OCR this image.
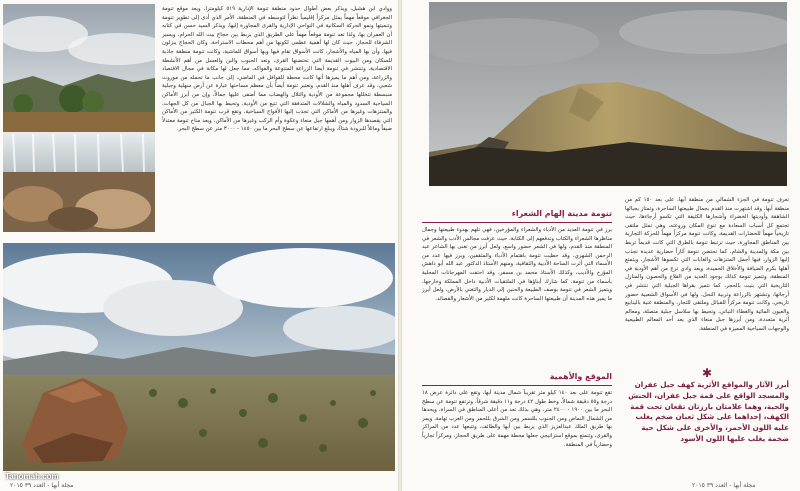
ووادي ابن هشبل، ويذكر بعض أطوال حدود منطقة تنومة الإدارية ٥١٩ كيلومترا، ويعد موقع تنومة الجغرافي موقعاً مهماً يمثل مركزاً إقليمياً نظراً لتوسطه في المنطقة، الأمر الذي أدى إلى تطوير تنومة وتنميتها ونمو الحركة السكانية في النواحي الإدارية والقرى المجاورة إليها، ويذكر السيد حسن في كتابه أن العمران بها، ولذا تعد تنومة موقعاً مهماً على الطريق الذي يربط بين حجاج بيت الله الحرام، ويسير الشرفاء للحجاز، حيث كان لها أهمية عظمى لكونها من أهم محطات الاستراحة، وكان الحجاج ينزلون فيها، وأن بها المياه والأشجار، كانت الأسواق تقام فيها وبها أسواق للماشية، وكانت تنومة منطقة جاذبة للسكان ومن البيوت القديمة التي تحتضنها القرى، وتعد الحبوب والبن والعسل من أهم الأنشطة الاقتصادية، وتنتشر في تنومة أيضا الزراعة المتنوعة والفواكه، مما جعل لها مكانة في مجال الاقتصاد والزراعة، ومن أهم ما يميزها أنها كانت محطة للقوافل في الماضي، إلى جانب ما تحمله من موروث شعبي، وقد عرف أهلها منذ القدم، وتعتبر تنومة أيضاً بأن معظم مساحتها عبارة عن أرض سهلية وجبلية منبسطة تتخللها مجموعة من الأودية والتلال والهضاب مما أضفى عليها جمالاً، وإن من أبرز الأماكن السياحية السدود والمياه والشلالات المتدفقة التي تنبع من الأودية، وتحيط بها الجبال من كل الجهات، والمنتزهات وغيرها من الأماكن التي تجذب إليها الأفواج السياحية، وتقع قرب تنومة الكثير من الأماكن التي يقصدها الزوار ومن أهمها جبل منعاء وعكوة وأم الركب وغيرها من الأماكن، ويعد مناخ تنومة معتدلاً صيفاً ومائلاً للبرودة شتاءً، ويبلغ ارتفاعها عن سطح البحر ما بين ١٤٥٠ - ٣٠٠٠ متر عن سطح البحر.
Tanomah.com
مجلة أبها - العدد ٣٩ ٢٠١٥
تعرف تنومة في الجزء الشمالي من منطقة أبها، على بعد ١٥٠ كم من منطقة أبها، وقد اشتهرت منذ القدم بجمال طبيعتها الساحرة، وتمتاز بجبالها الشاهقة وأوديتها الخضراء وأشجارها الكثيفة التي تكسو أرجاءها، حيث تجتمع كل أسباب السعادة مع تنوع المكان وروعته، وهي تمثل ملتقى تاريخياً مهماً للحضارات القديمة، وكانت تنومة مركزاً مهماً للحركة التجارية بين المناطق المجاورة، حيث ترتبط تنومة بالطرق التي كانت قديماً تربط بين مكة والمدينة والشام، كما تحتضن تنومة آثاراً حضارية عديدة تجذب إليها الزوار، فيها أجمل المتنزهات والغابات التي تكسوها الأشجار، ويتمتع أهلها بكرم الضيافة والأخلاق الحميدة، ويعد وادي ترج من أهم الأودية في المنطقة، وتتميز تنومة كذلك بوجود العديد من القلاع والحصون والمنازل التاريخية التي بنيت بالحجر، كما تتميز بقراها الجبلية التي تنتشر في أرجائها، وتشتهر بالزراعة وتربية النحل، ولها في الأسواق الشعبية حضور تاريخي، وكانت تنومة مركزاً للقبائل وملتقى للتجار، والمنطقة غنية بالينابيع والعيون المائية والغطاء النباتي، وتحيط بها سلاسل جبلية متصلة، ومعالم أثرية متعددة، ومن أبرزها جبل منعاء الذي يعد أحد المعالم الطبيعية والوجهات السياحية المميزة في المنطقة.
تنومة مدينة إلهام الشعراء
برز في تنومة العديد من الأدباء والشعراء والمؤرخين، فهي تلهم بهدوء طبيعتها وجمال مناظرها الشعراء والكتاب وتدفعهم إلى الكتابة، حيث عرفت مجالس الأدب والشعر في المنطقة منذ القدم، ولها في الشعر حضور واسع، ولعل أبرز من تغنى بها الشاعر عبد الرحمن الشهري، وقد حظيت تنومة باهتمام الأدباء والمثقفين، وبرز فيها عدد من الأسماء التي أثرت الساحة الأدبية والثقافية، ومنهم الأستاذ الدكتور عبد الله أبو داهش المؤرخ والأديب، وكذلك الأستاذ محمد بن مسفر، وقد احتفت المهرجانات المحلية بأسماء من تنومة، كما شارك أبناؤها في الملتقيات الأدبية داخل المملكة وخارجها، ويتميز الشعر في تنومة بوصف الطبيعة والحنين إلى الديار والتغني بالأرض، ولعل أبرز ما يميز هذه المدينة أن طبيعتها الساحرة كانت ملهمة لكثير من الأشعار والقصائد.
الموقع والأهمية
تقع تنومة على بعد ١٤٠ كيلو متر تقريباً شمال مدينة أبها، وتقع على دائرة عرض ١٨ درجة و٥٥ دقيقة شمالاً، وخط طول ٤٢ درجة و١١ دقيقة شرقاً، وترتفع تنومة عن سطح البحر ما بين ١٩٠٠ - ٢٤٠٠ متر، وهي بذلك تعد من أعلى المناطق في السراة، ويحدها من الشمال النماص ومن الجنوب بللسمر ومن الشرق بللحمر ومن الغرب تهامة، ويمر بها طريق الملك عبدالعزيز الذي يربط بين أبها والطائف، وتتبعها عدد من المراكز والقرى، وتتمتع بموقع استراتيجي جعلها محطة مهمة على طريق الحجاز، ومركزاً تجارياً وحضارياً في المنطقة.
✱
أبرز الآثار والمواقع الأثرية كهف جبل عفران والمسجد الواقع على قمة جبل عفران، الحنش والحية، وهما علامتان بارزتان تقعان تحت قمة الكهف، إحداهما على شكل ثعبان ضخم يغلب عليه اللون الأحمر، والأخرى على شكل حية ضخمة يغلب عليها اللون الأسود
مجلة أبها - العدد ٣٩ ٢٠١٥
